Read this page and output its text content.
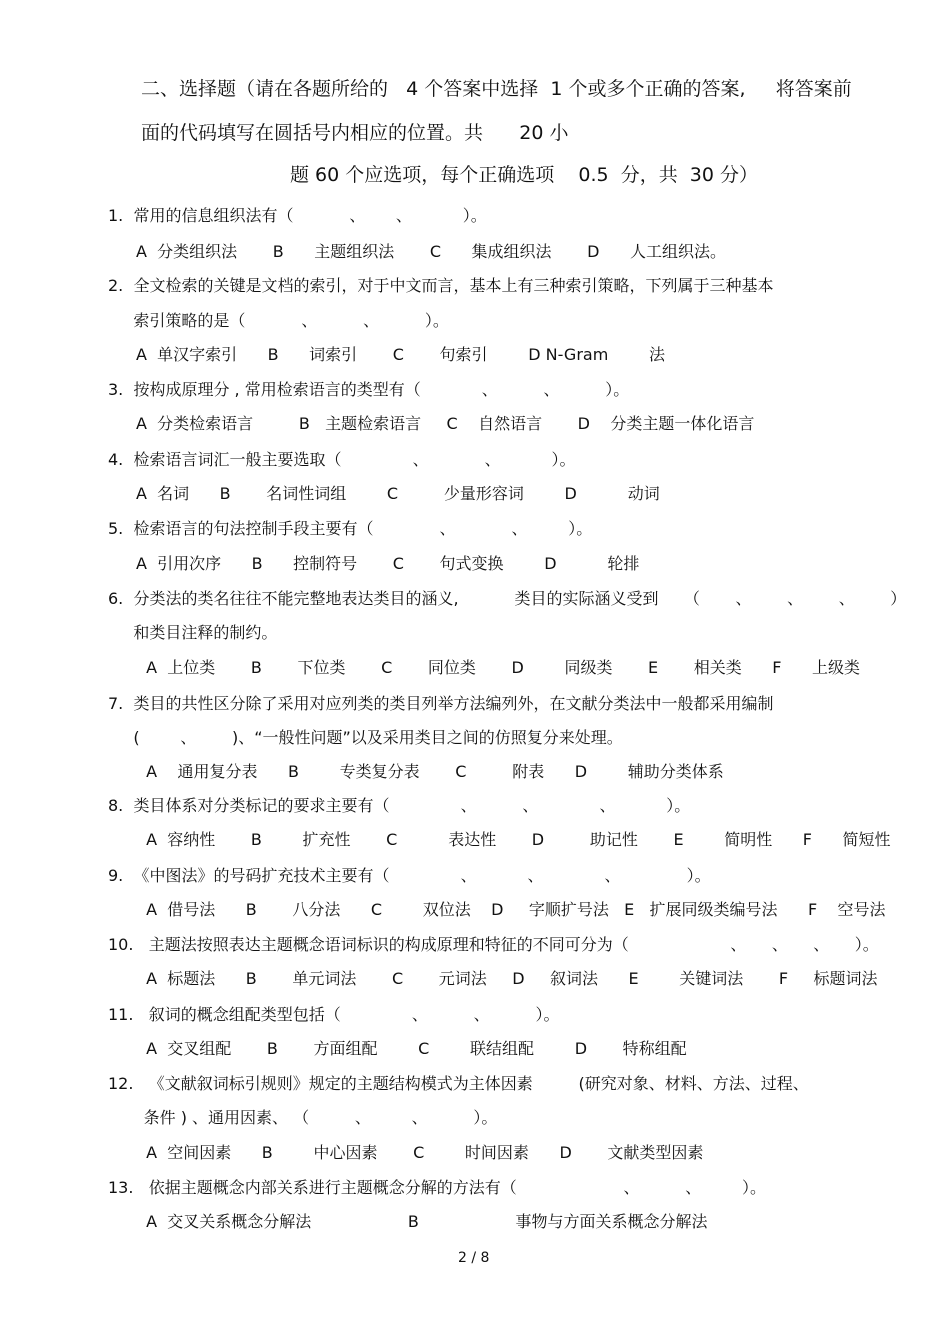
二、选择题（请在各题所给的   4 个答案中选择  1 个或多个正确的答案,     将答案前
面的代码填写在圆括号内相应的位置。共      20 小
题 60 个应选项，每个正确选项    0.5  分，共  30 分）
1.  常用的信息组织法有（           、      、          ）。
A  分类组织法       B      主题组织法       C      集成组织法       D      人工组织法。
2.  全文检索的关键是文档的索引，对于中文而言，基本上有三种索引策略，下列属于三种基本
索引策略的是（           、         、         ）。
A  单汉字索引      B      词索引       C       句索引        D N-Gram        法
3.  按构成原理分 , 常用检索语言的类型有（            、         、         ）。
A  分类检索语言         B   主题检索语言     C    自然语言       D    分类主题一体化语言
4.  检索语言词汇一般主要选取（              、           、          ）。
A  名词      B       名词性词组        C         少量形容词        D          动词
5.  检索语言的句法控制手段主要有（             、           、        ）。
A  引用次序      B      控制符号       C       句式变换        D          轮排
6.  分类法的类名往往不能完整地表达类目的涵义,           类目的实际涵义受到     （       、       、       、       ）
和类目注释的制约。
A  上位类       B       下位类       C       同位类       D        同级类       E       相关类      F      上级类
7.  类目的共性区分除了采用对应列类的类目列举方法编列外，在文献分类法中一般都采用编制
(        、       )、“一般性问题”以及采用类目之间的仿照复分来处理。
A    通用复分表      B        专类复分表       C         附表      D        辅助分类体系
8.  类目体系对分类标记的要求主要有（              、         、            、          ）。
A  容纳性       B        扩充性       C          表达性       D         助记性       E        简明性      F      简短性
9.  《中图法》的号码扩充技术主要有（              、          、            、             ）。
A  借号法      B       八分法      C        双位法    D     字顺扩号法   E   扩展同级类编号法      F    空号法
10.   主题法按照表达主题概念语词标识的构成原理和特征的不同可分为（                    、     、     、     ）。
A  标题法      B       单元词法       C       元词法     D     叙词法      E        关键词法       F     标题词法
11.   叙词的概念组配类型包括（              、         、         ）。
A  交叉组配       B       方面组配        C        联结组配        D       特称组配
12.   《文献叙词标引规则》规定的主题结构模式为主体因素         (研究对象、材料、方法、过程、
条件 ) 、通用因素、 （         、        、         ）。
A  空间因素      B        中心因素       C        时间因素      D       文献类型因素
13.   依据主题概念内部关系进行主题概念分解的方法有（                     、         、        ）。
A  交叉关系概念分解法                   B                   事物与方面关系概念分解法
2 / 8
